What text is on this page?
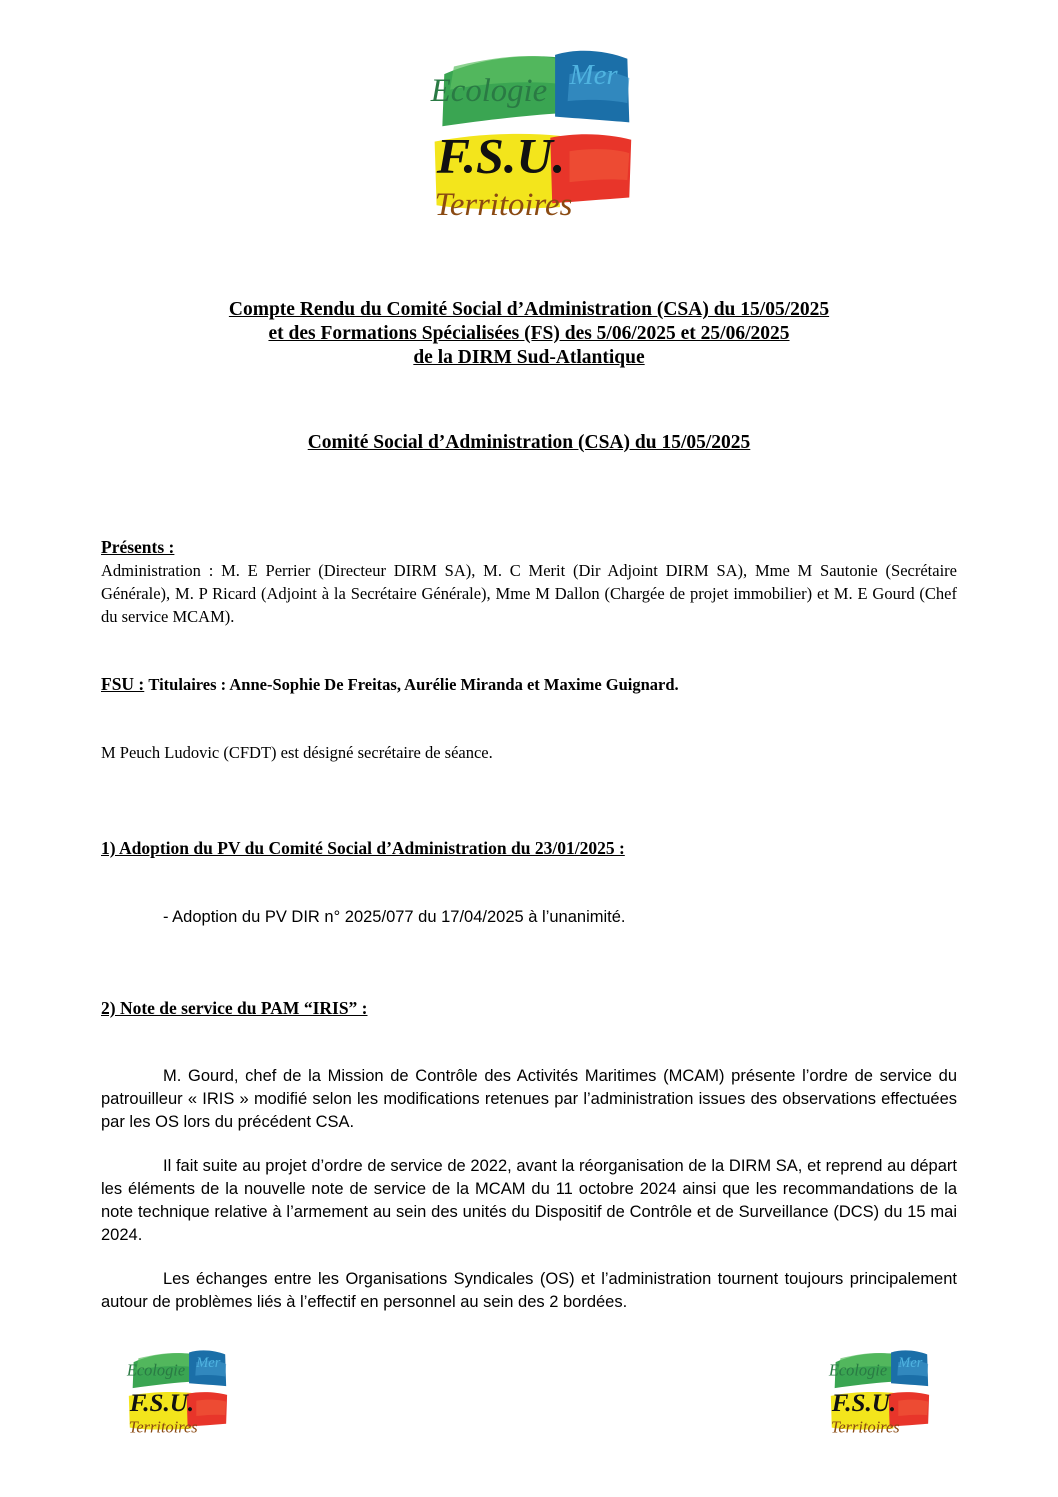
Ecologie Mer
F.S.U.
Territoires
Compte Rendu du Comité Social d’Administration (CSA) du 15/05/2025
et des Formations Spécialisées (FS) des 5/06/2025 et 25/06/2025
de la DIRM Sud-Atlantique
Comité Social d’Administration (CSA) du 15/05/2025
Présents :
Administration : M. E Perrier (Directeur DIRM SA), M. C Merit (Dir Adjoint DIRM SA), Mme M Sautonie (Secrétaire Générale), M. P Ricard (Adjoint à la Secrétaire Générale), Mme M Dallon (Chargée de projet immobilier) et M. E Gourd (Chef du service MCAM).
FSU : Titulaires : Anne-Sophie De Freitas, Aurélie Miranda et Maxime Guignard.
M Peuch Ludovic (CFDT) est désigné secrétaire de séance.
1) Adoption du PV du Comité Social d’Administration du 23/01/2025 :
- Adoption du PV DIR n° 2025/077 du 17/04/2025 à l’unanimité.
2) Note de service du PAM “IRIS” :
M. Gourd, chef de la Mission de Contrôle des Activités Maritimes (MCAM) présente l’ordre de service du patrouilleur « IRIS » modifié selon les modifications retenues par l’administration issues des observations effectuées par les OS lors du précédent CSA.
Il fait suite au projet d’ordre de service de 2022, avant la réorganisation de la DIRM SA, et reprend au départ les éléments de la nouvelle note de service de la MCAM du 11 octobre 2024 ainsi que les recommandations de la note technique relative à l’armement au sein des unités du Dispositif de Contrôle et de Surveillance (DCS) du 15 mai 2024.
Les échanges entre les Organisations Syndicales (OS) et l’administration tournent toujours principalement autour de problèmes liés à l’effectif en personnel au sein des 2 bordées.
Ecologie Mer
F.S.U.
Territoires
Ecologie Mer
F.S.U.
Territoires
